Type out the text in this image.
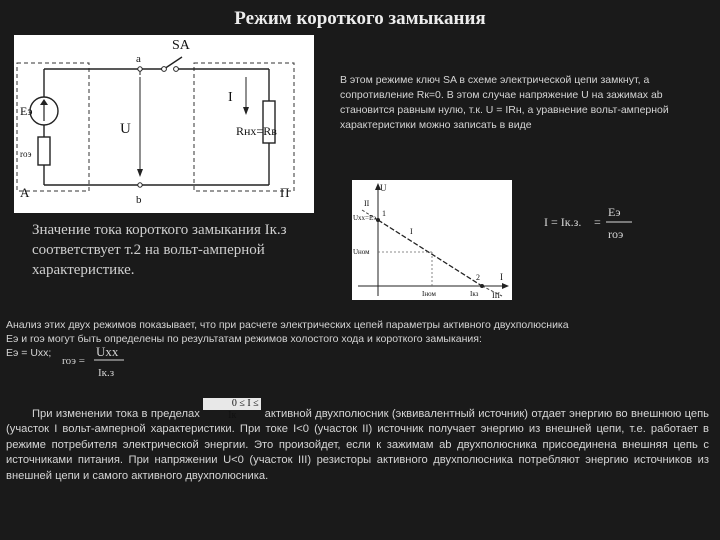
Режим короткого замыкания
SA
a
b
Eэ
rоэ
U
I
Rнх=Rв
A	П
В этом режиме ключ SA в схеме электрической цепи замкнут, а сопротивление Rк=0. В этом случае напряжение U на зажимах аb становится равным нулю, т.к. U = IRн, а уравнение вольт-амперной характеристики можно записать в виде
U
I
Uхх=Еэ
Uном
II
I
III
1
2
Iном	Iкз
I = Iк.з. =
Eэ
rоэ
Значение тока короткого замыкания Iк.з соответствует т.2 на вольт-амперной характеристике.
Анализ этих двух режимов показывает, что при расчете электрических цепей параметры активного двухполюсника
Еэ и rоэ могут быть определены по результатам режимов холостого хода и короткого замыкания:
Еэ = Uхх;
rоэ =
Uхх
Iк.з
При изменении тока в пределах 0 ≤ I ≤ Iк	активной двухполюсник (эквивалентный источник) отдает энергию во внешнюю цепь (участок I вольт-амперной характеристики. При токе I<0 (участок II) источник получает энергию из внешней цепи, т.е. работает в режиме потребителя электрической энергии. Это произойдет, если к зажимам ab двухполюсника присоединена внешняя цепь с источниками питания. При напряжении U<0 (участок III) резисторы активного двухполюсника потребляют энергию источников из внешней цепи и самого активного двухполюсника.
